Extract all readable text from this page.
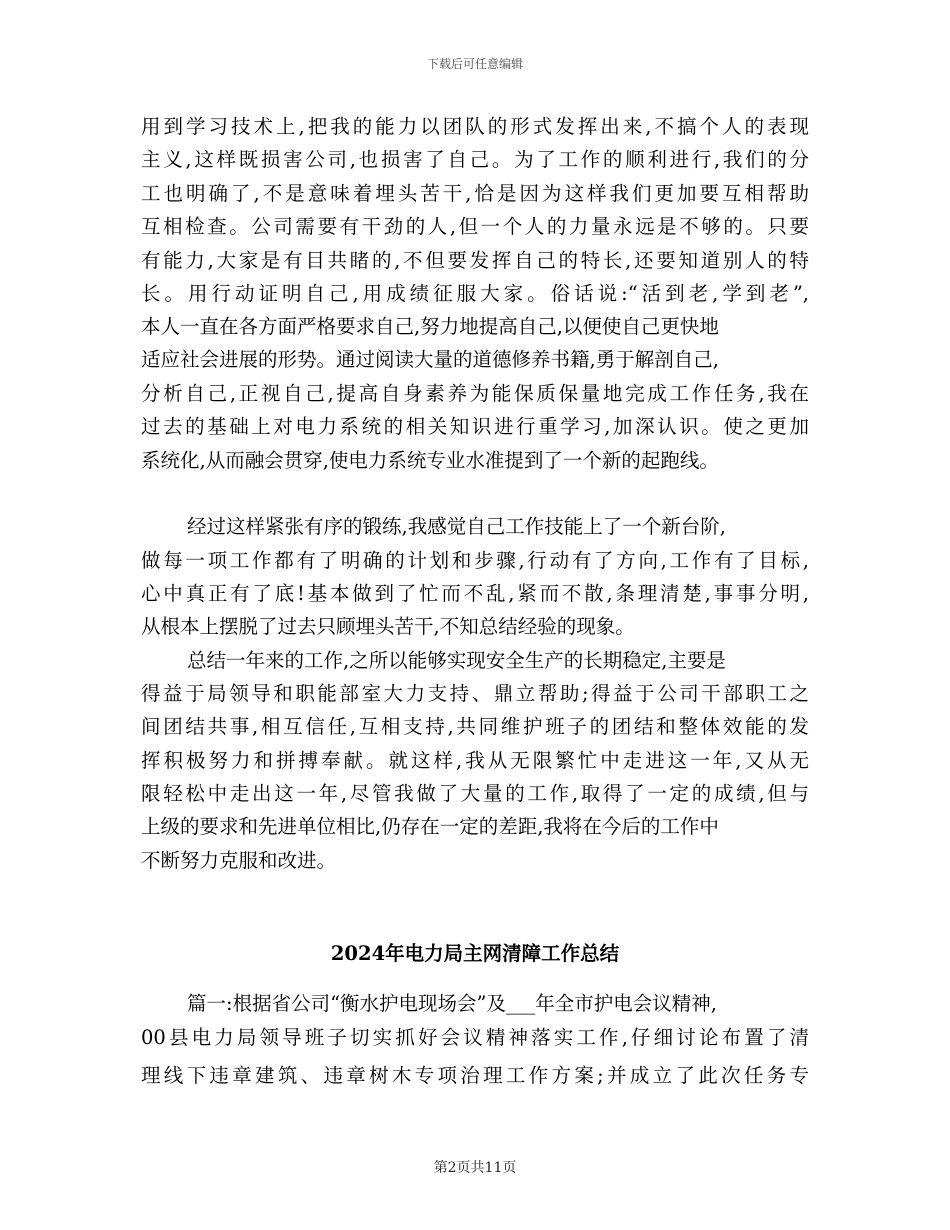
下载后可任意编辑
用到学习技术上,把我的能力以团队的形式发挥出来,不搞个人的表现
主义,这样既损害公司,也损害了自己。为了工作的顺利进行,我们的分
工也明确了,不是意味着埋头苦干,恰是因为这样我们更加要互相帮助
互相检查。公司需要有干劲的人,但一个人的力量永远是不够的。只要
有能力,大家是有目共睹的,不但要发挥自己的特长,还要知道别人的特
长。用行动证明自己,用成绩征服大家。俗话说:“活到老,学到老”,
本人一直在各方面严格要求自己,努力地提高自己,以便使自己更快地
适应社会进展的形势。通过阅读大量的道德修养书籍,勇于解剖自己,
分析自己,正视自己,提高自身素养为能保质保量地完成工作任务,我在
过去的基础上对电力系统的相关知识进行重学习,加深认识。使之更加
系统化,从而融会贯穿,使电力系统专业水准提到了一个新的起跑线。
经过这样紧张有序的锻练,我感觉自己工作技能上了一个新台阶,
做每一项工作都有了明确的计划和步骤,行动有了方向,工作有了目标,
心中真正有了底!基本做到了忙而不乱,紧而不散,条理清楚,事事分明,
从根本上摆脱了过去只顾埋头苦干,不知总结经验的现象。
总结一年来的工作,之所以能够实现安全生产的长期稳定,主要是
得益于局领导和职能部室大力支持、鼎立帮助;得益于公司干部职工之
间团结共事,相互信任,互相支持,共同维护班子的团结和整体效能的发
挥积极努力和拼搏奉献。就这样,我从无限繁忙中走进这一年,又从无
限轻松中走出这一年,尽管我做了大量的工作,取得了一定的成绩,但与
上级的要求和先进单位相比,仍存在一定的差距,我将在今后的工作中
不断努力克服和改进。
2024年电力局主网清障工作总结
篇一:根据省公司“衡水护电现场会”及___年全市护电会议精神,
00县电力局领导班子切实抓好会议精神落实工作,仔细讨论布置了清
理线下违章建筑、违章树木专项治理工作方案;并成立了此次任务专
第2页共11页
